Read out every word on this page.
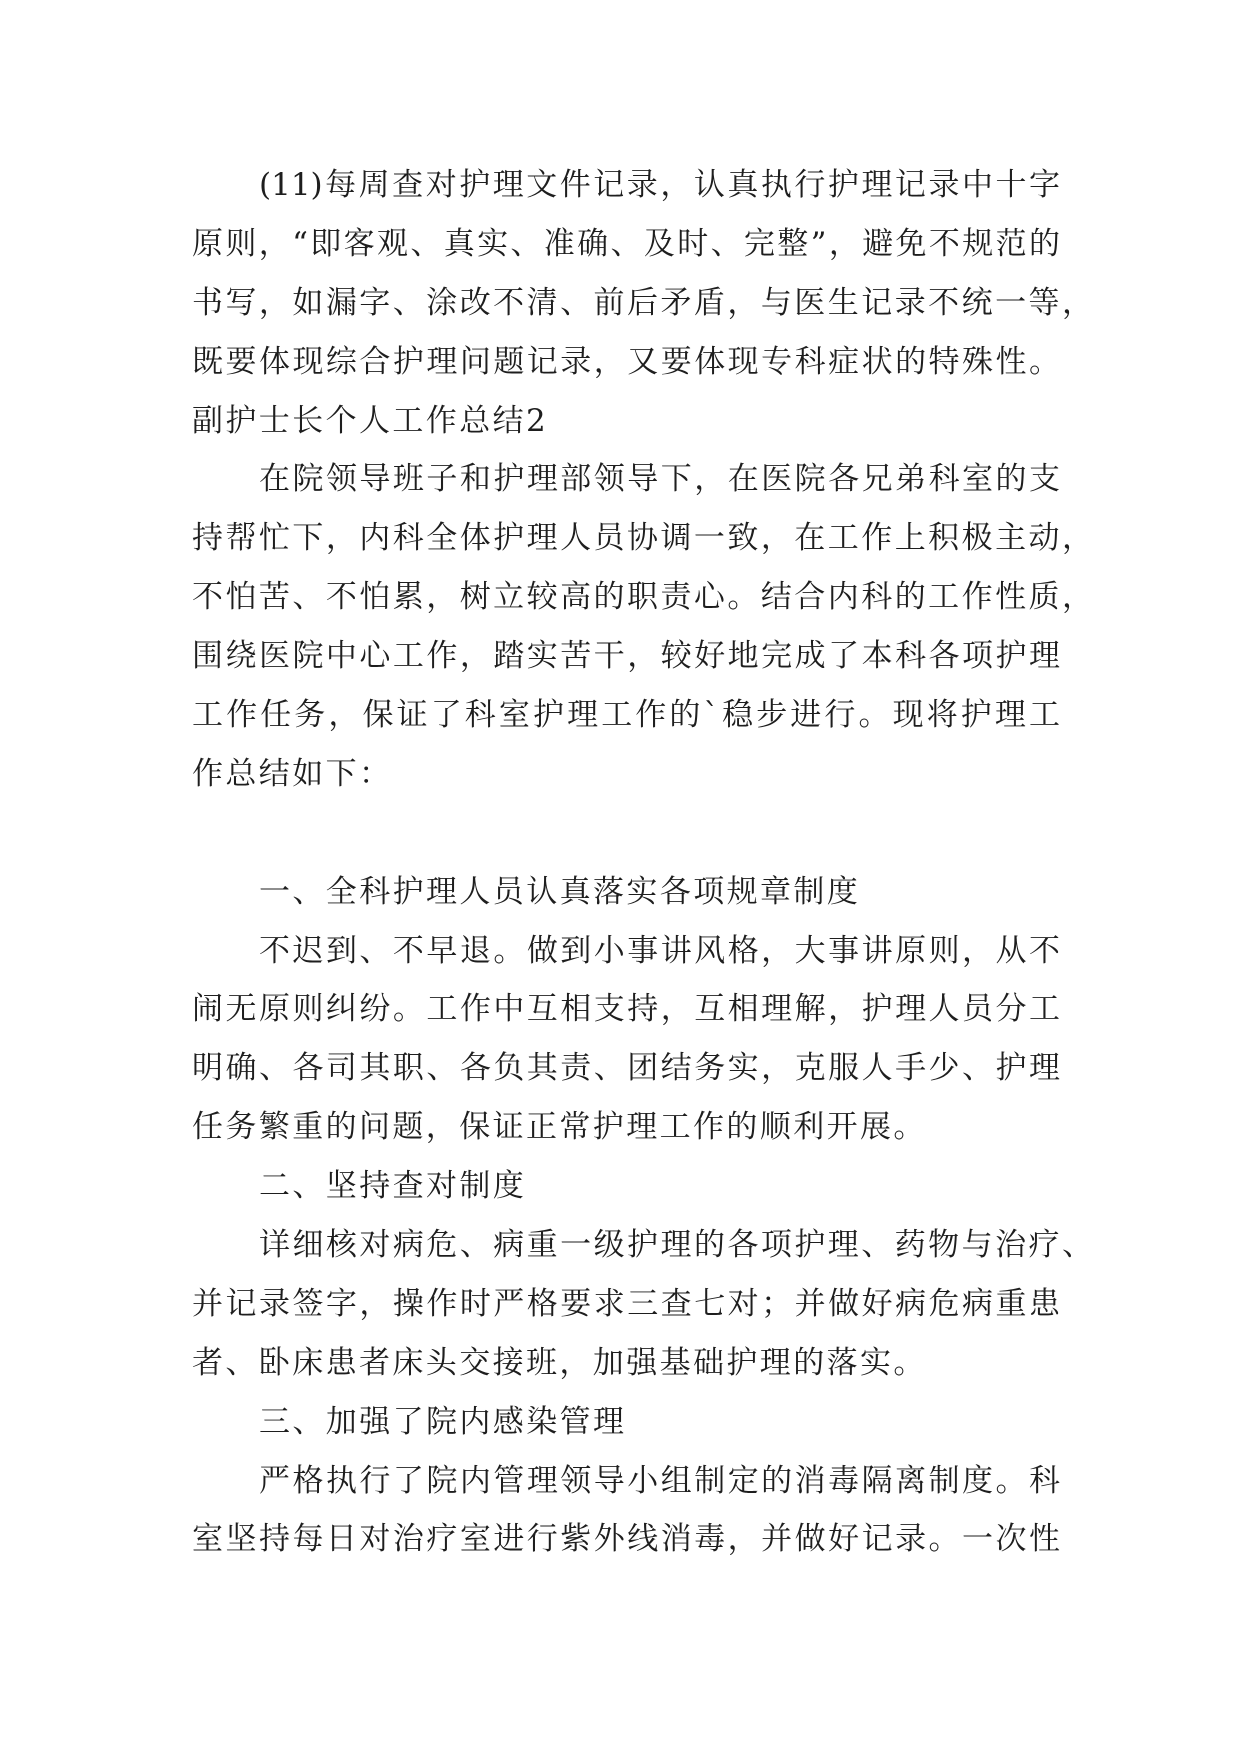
(11)每周查对护理文件记录，认真执行护理记录中十字
原则，“即客观、真实、准确、及时、完整”，避免不规范的
书写，如漏字、涂改不清、前后矛盾，与医生记录不统一等，
既要体现综合护理问题记录，又要体现专科症状的特殊性。
副护士长个人工作总结2
在院领导班子和护理部领导下，在医院各兄弟科室的支
持帮忙下，内科全体护理人员协调一致，在工作上积极主动，
不怕苦、不怕累，树立较高的职责心。结合内科的工作性质，
围绕医院中心工作，踏实苦干，较好地完成了本科各项护理
工作任务，保证了科室护理工作的`稳步进行。现将护理工
作总结如下：
一、全科护理人员认真落实各项规章制度
不迟到、不早退。做到小事讲风格，大事讲原则，从不
闹无原则纠纷。工作中互相支持，互相理解，护理人员分工
明确、各司其职、各负其责、团结务实，克服人手少、护理
任务繁重的问题，保证正常护理工作的顺利开展。
二、坚持查对制度
详细核对病危、病重一级护理的各项护理、药物与治疗、
并记录签字，操作时严格要求三查七对；并做好病危病重患
者、卧床患者床头交接班，加强基础护理的落实。
三、加强了院内感染管理
严格执行了院内管理领导小组制定的消毒隔离制度。科
室坚持每日对治疗室进行紫外线消毒，并做好记录。一次性
